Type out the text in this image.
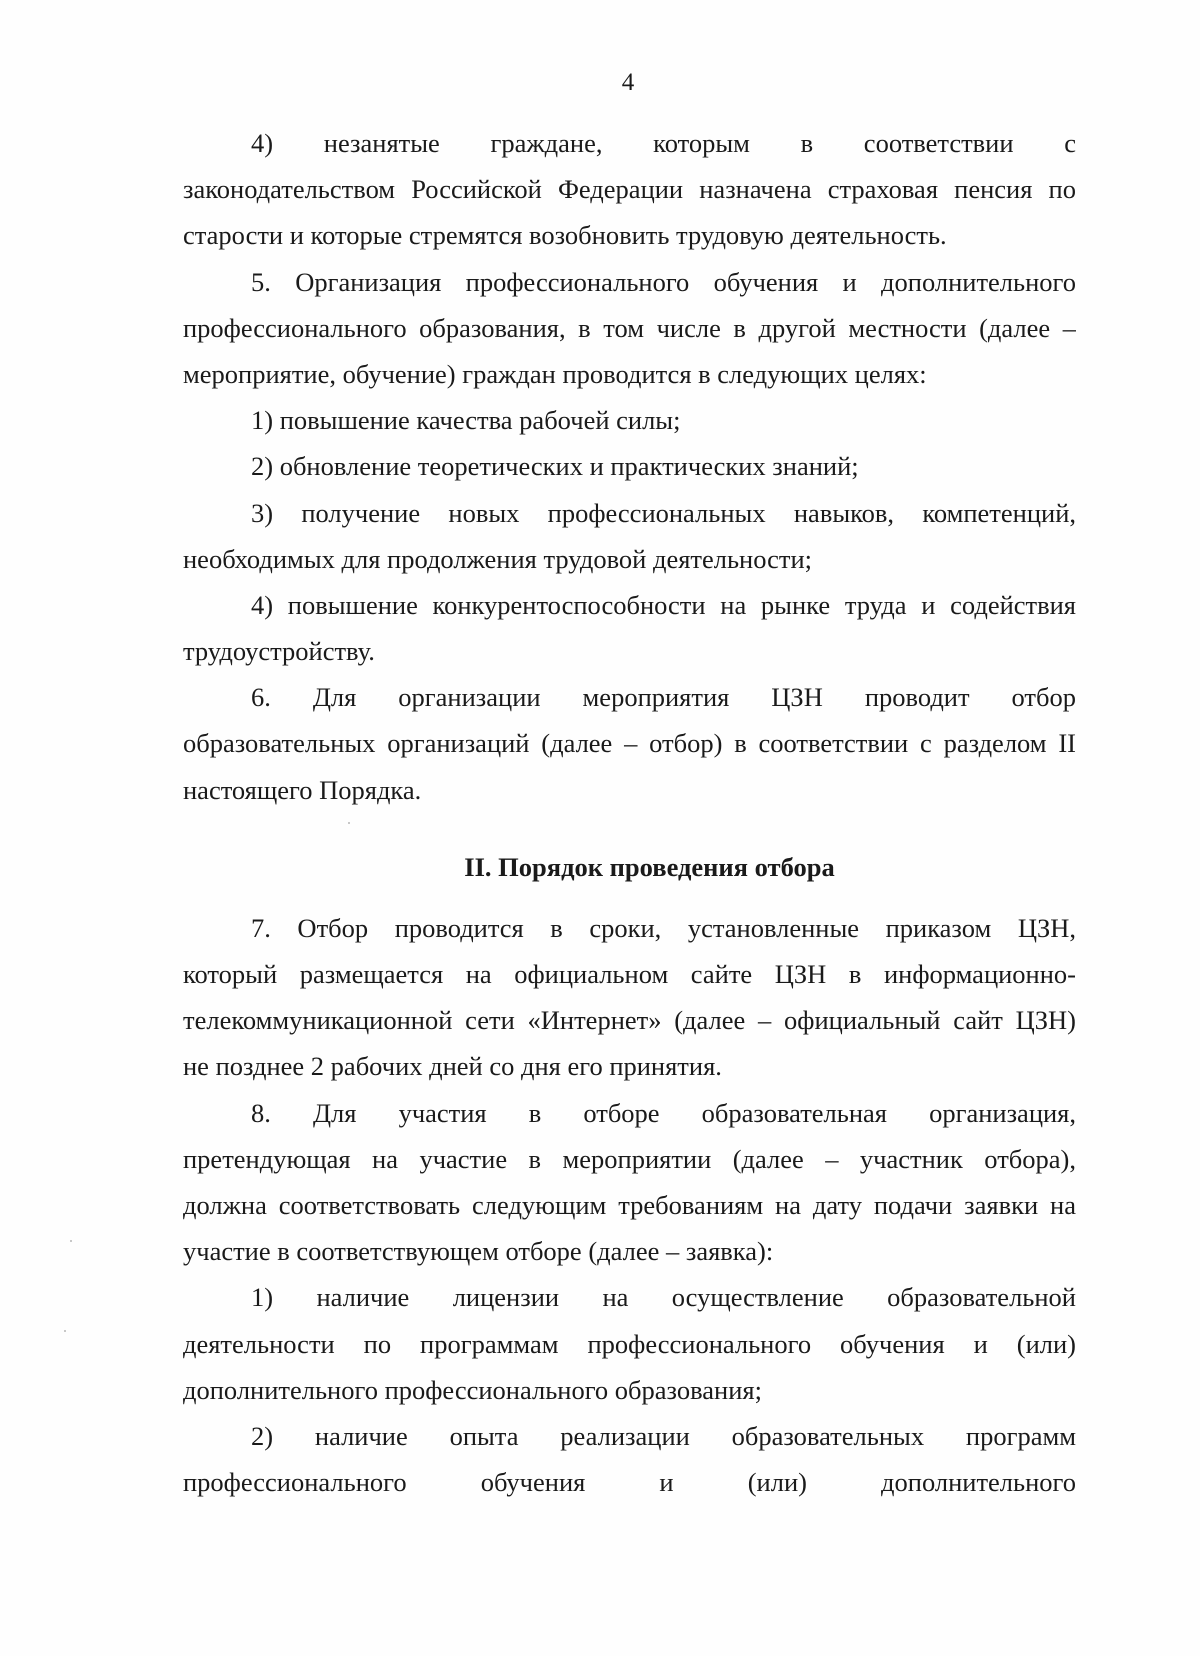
4
4) незанятые граждане, которым в соответствии с
законодательством Российской Федерации назначена страховая пенсия по
старости и которые стремятся возобновить трудовую деятельность.
5. Организация профессионального обучения и дополнительного
профессионального образования, в том числе в другой местности (далее –
мероприятие, обучение) граждан проводится в следующих целях:
1) повышение качества рабочей силы;
2) обновление теоретических и практических знаний;
3) получение новых профессиональных навыков, компетенций,
необходимых для продолжения трудовой деятельности;
4) повышение конкурентоспособности на рынке труда и содействия
трудоустройству.
6. Для организации мероприятия ЦЗН проводит отбор
образовательных организаций (далее – отбор) в соответствии с разделом II
настоящего Порядка.
II. Порядок проведения отбора
7. Отбор проводится в сроки, установленные приказом ЦЗН,
который размещается на официальном сайте ЦЗН в информационно-
телекоммуникационной сети «Интернет» (далее – официальный сайт ЦЗН)
не позднее 2 рабочих дней со дня его принятия.
8. Для участия в отборе образовательная организация,
претендующая на участие в мероприятии (далее – участник отбора),
должна соответствовать следующим требованиям на дату подачи заявки на
участие в соответствующем отборе (далее – заявка):
1) наличие лицензии на осуществление образовательной
деятельности по программам профессионального обучения и (или)
дополнительного профессионального образования;
2) наличие опыта реализации образовательных программ
профессионального обучения и (или) дополнительного
